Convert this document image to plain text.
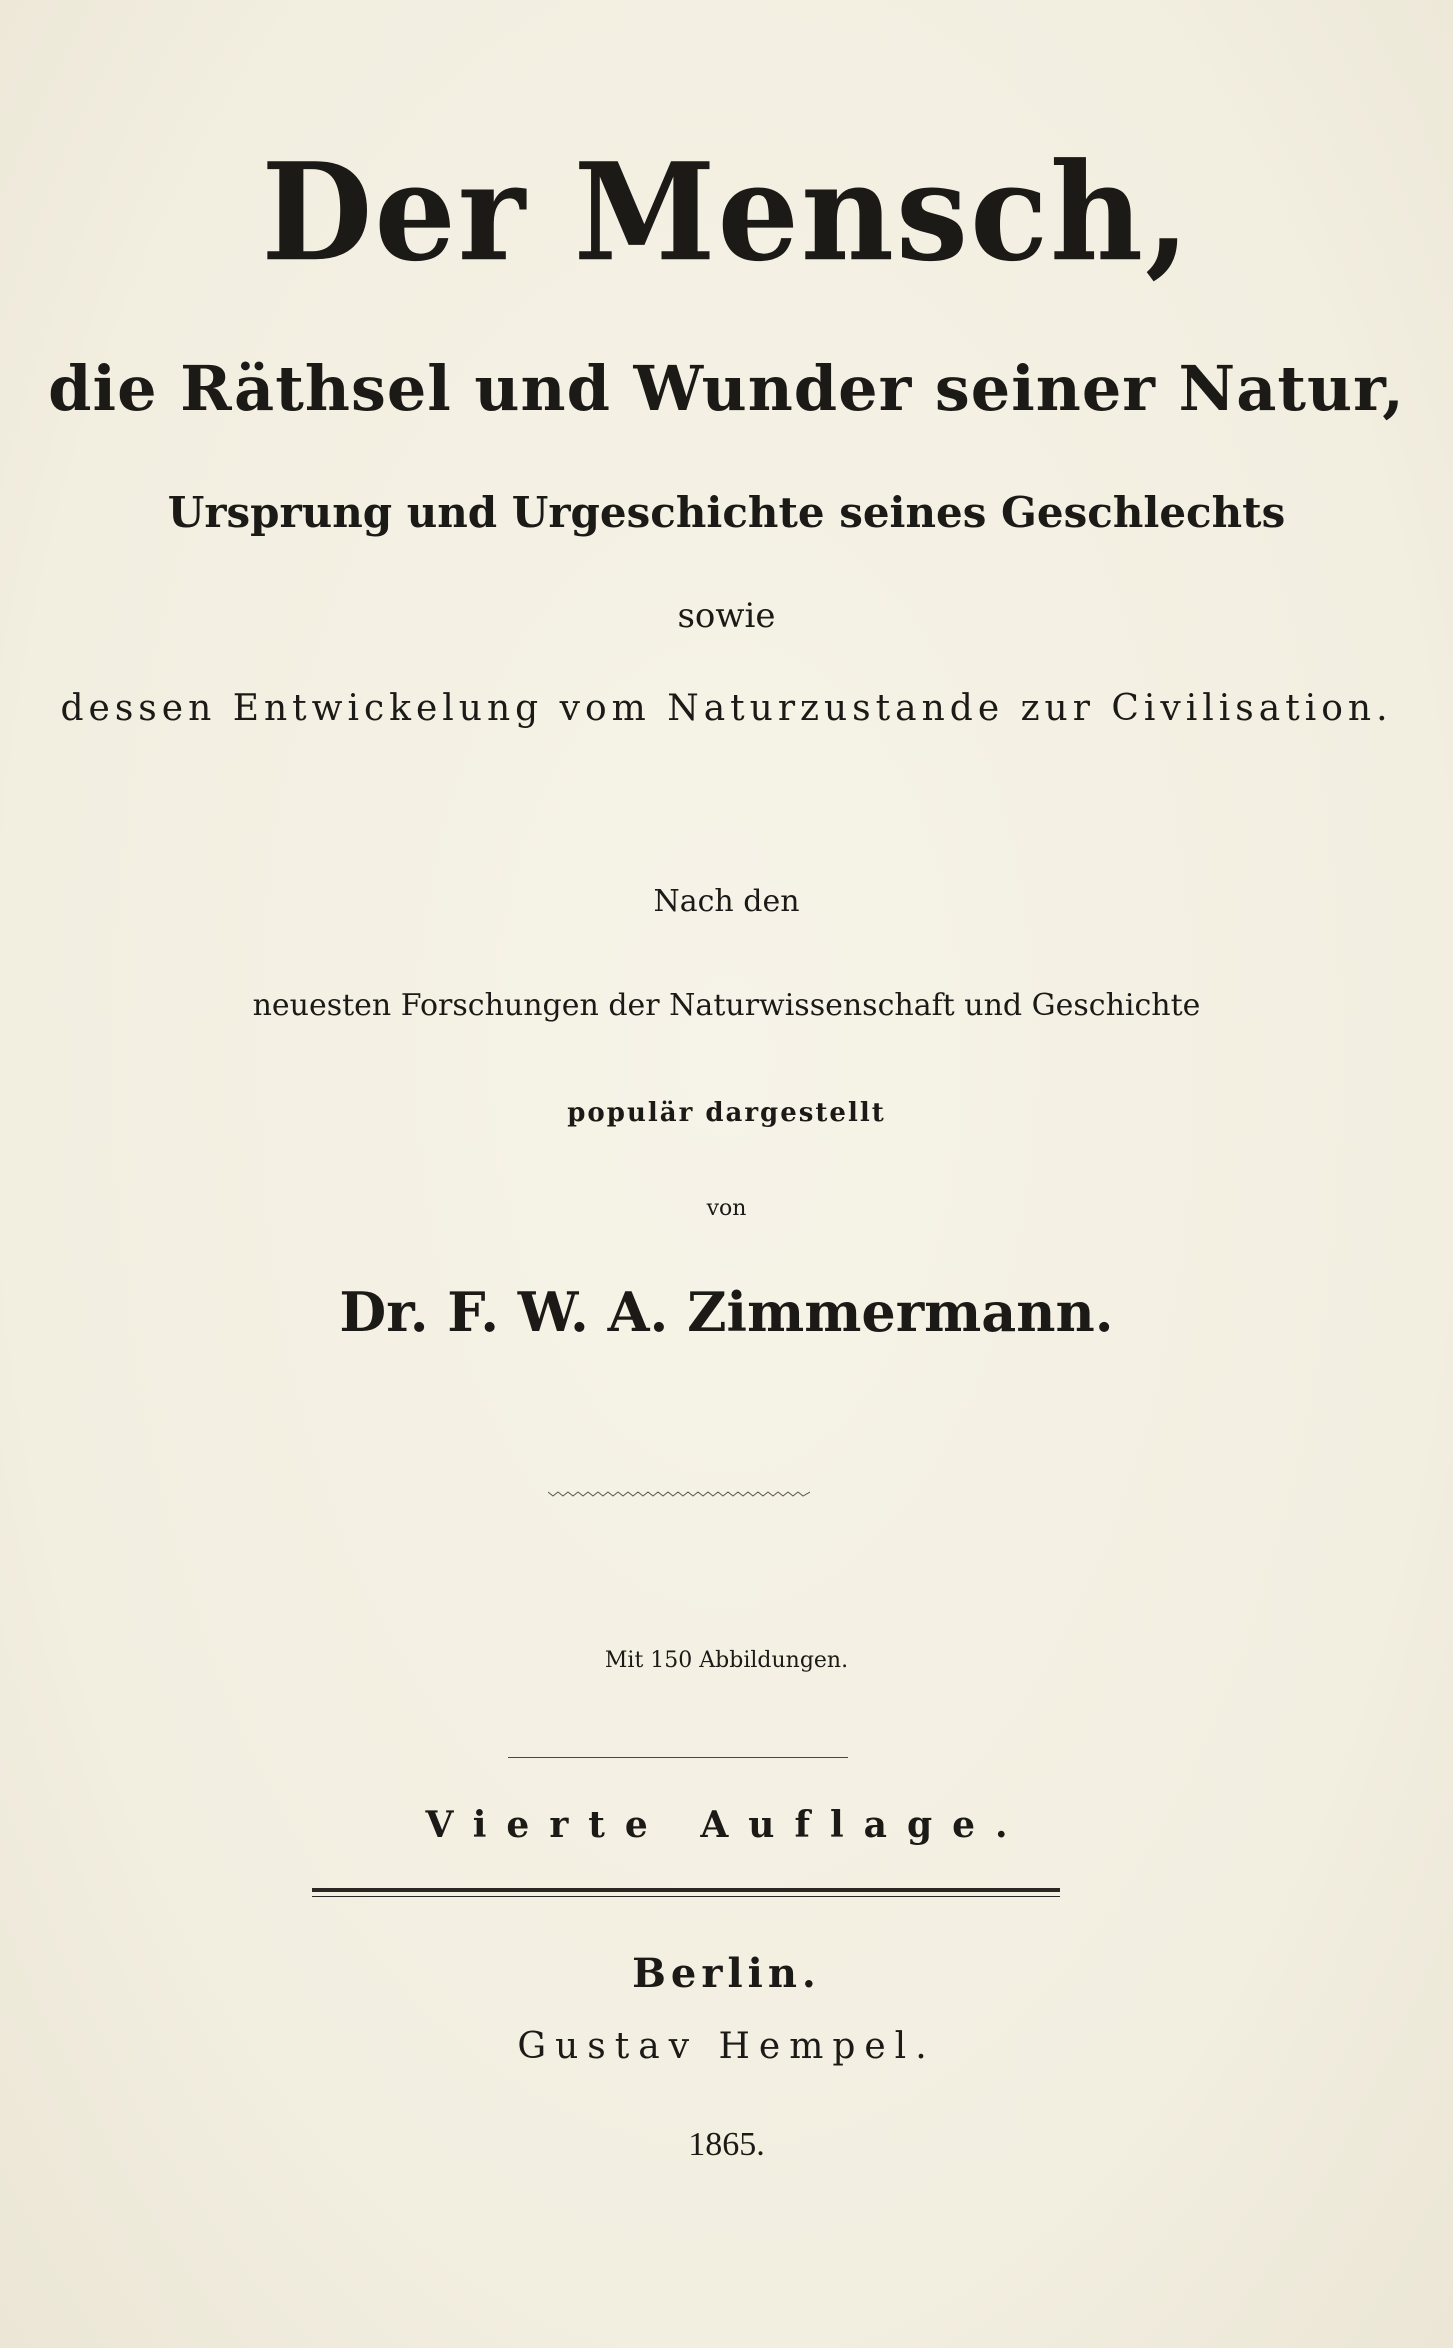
Der Mensch,
die Räthsel und Wunder seiner Natur,
Ursprung und Urgeschichte seines Geschlechts
sowie
dessen Entwickelung vom Naturzustande zur Civilisation.
Nach den
neuesten Forschungen der Naturwissenschaft und Geschichte
populär dargestellt
von
Dr. F. W. A. Zimmermann.
Mit 150 Abbildungen.
Vierte Auflage.
Berlin.
Gustav Hempel.
1865.
